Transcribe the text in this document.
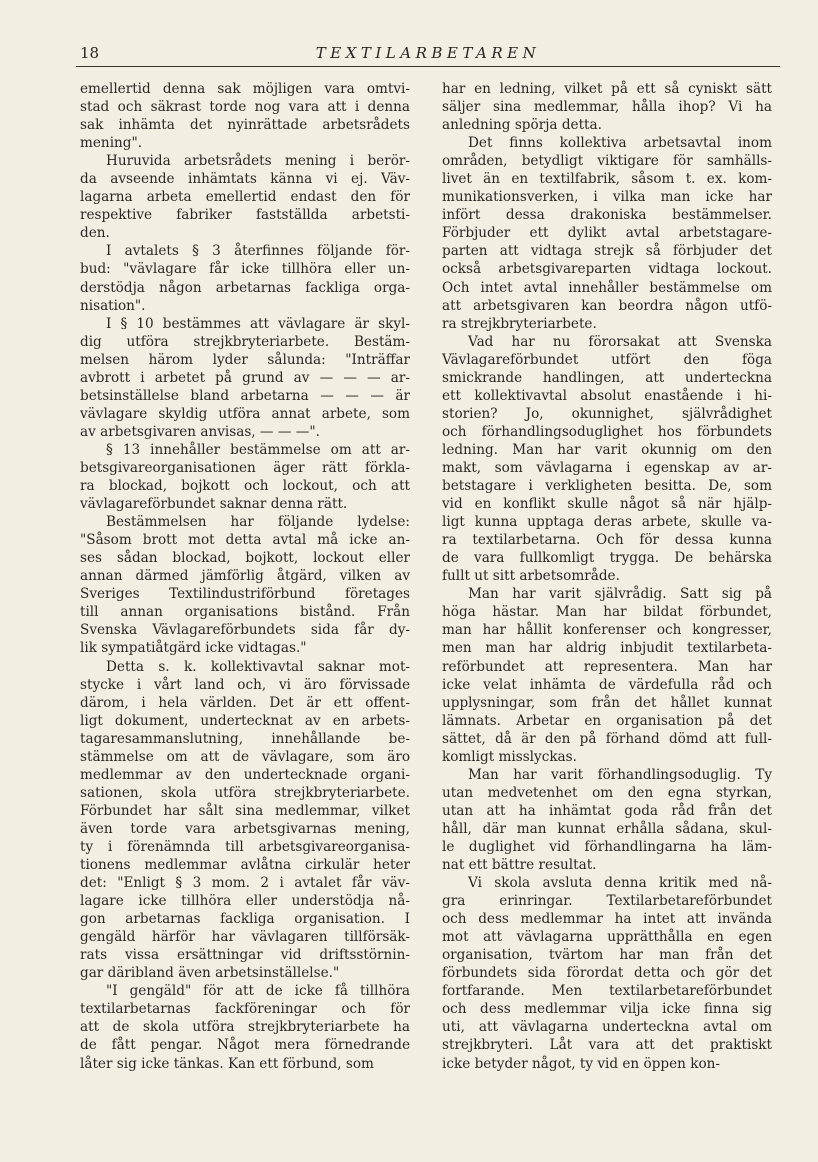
18	TEXTILARBETAREN
emellertid denna sak möjligen vara omtvi-
stad och säkrast torde nog vara att i denna
sak inhämta det nyinrättade arbetsrådets
mening".
Huruvida arbetsrådets mening i berör-
da avseende inhämtats känna vi ej. Väv-
lagarna arbeta emellertid endast den för
respektive fabriker fastställda arbetsti-
den.
I avtalets § 3 återfinnes följande för-
bud: "vävlagare får icke tillhöra eller un-
derstödja någon arbetarnas fackliga orga-
nisation".
I § 10 bestämmes att vävlagare är skyl-
dig utföra strejkbryteriarbete. Bestäm-
melsen härom lyder sålunda: "Inträffar
avbrott i arbetet på grund av — — — ar-
betsinställelse bland arbetarna — — — är
vävlagare skyldig utföra annat arbete, som
av arbetsgivaren anvisas, — — —".
§ 13 innehåller bestämmelse om att ar-
betsgivareorganisationen äger rätt förkla-
ra blockad, bojkott och lockout, och att
vävlagareförbundet saknar denna rätt.
Bestämmelsen har följande lydelse:
"Såsom brott mot detta avtal må icke an-
ses sådan blockad, bojkott, lockout eller
annan därmed jämförlig åtgärd, vilken av
Sveriges Textilindustriförbund företages
till annan organisations bistånd. Från
Svenska Vävlagareförbundets sida får dy-
lik sympatiåtgärd icke vidtagas."
Detta s. k. kollektivavtal saknar mot-
stycke i vårt land och, vi äro förvissade
därom, i hela världen. Det är ett offent-
ligt dokument, undertecknat av en arbets-
tagaresammanslutning, innehållande be-
stämmelse om att de vävlagare, som äro
medlemmar av den undertecknade organi-
sationen, skola utföra strejkbryteriarbete.
Förbundet har sålt sina medlemmar, vilket
även torde vara arbetsgivarnas mening,
ty i förenämnda till arbetsgivareorganisa-
tionens medlemmar avlåtna cirkulär heter
det: "Enligt § 3 mom. 2 i avtalet får väv-
lagare icke tillhöra eller understödja nå-
gon arbetarnas fackliga organisation. I
gengäld härför har vävlagaren tillförsäk-
rats vissa ersättningar vid driftsstörnin-
gar däribland även arbetsinställelse."
"I gengäld" för att de icke få tillhöra
textilarbetarnas fackföreningar och för
att de skola utföra strejkbryteriarbete ha
de fått pengar. Något mera förnedrande
låter sig icke tänkas. Kan ett förbund, som
har en ledning, vilket på ett så cyniskt sätt
säljer sina medlemmar, hålla ihop? Vi ha
anledning spörja detta.
Det finns kollektiva arbetsavtal inom
områden, betydligt viktigare för samhälls-
livet än en textilfabrik, såsom t. ex. kom-
munikationsverken, i vilka man icke har
infört dessa drakoniska bestämmelser.
Förbjuder ett dylikt avtal arbetstagare-
parten att vidtaga strejk så förbjuder det
också arbetsgivareparten vidtaga lockout.
Och intet avtal innehåller bestämmelse om
att arbetsgivaren kan beordra någon utfö-
ra strejkbryteriarbete.
Vad har nu förorsakat att Svenska
Vävlagareförbundet utfört den föga
smickrande handlingen, att underteckna
ett kollektivavtal absolut enastående i hi-
storien? Jo, okunnighet, självrådighet
och förhandlingsoduglighet hos förbundets
ledning. Man har varit okunnig om den
makt, som vävlagarna i egenskap av ar-
betstagare i verkligheten besitta. De, som
vid en konflikt skulle något så när hjälp-
ligt kunna upptaga deras arbete, skulle va-
ra textilarbetarna. Och för dessa kunna
de vara fullkomligt trygga. De behärska
fullt ut sitt arbetsområde.
Man har varit självrådig. Satt sig på
höga hästar. Man har bildat förbundet,
man har hållit konferenser och kongresser,
men man har aldrig inbjudit textilarbeta-
reförbundet att representera. Man har
icke velat inhämta de värdefulla råd och
upplysningar, som från det hållet kunnat
lämnats. Arbetar en organisation på det
sättet, då är den på förhand dömd att full-
komligt misslyckas.
Man har varit förhandlingsoduglig. Ty
utan medvetenhet om den egna styrkan,
utan att ha inhämtat goda råd från det
håll, där man kunnat erhålla sådana, skul-
le duglighet vid förhandlingarna ha läm-
nat ett bättre resultat.
Vi skola avsluta denna kritik med nå-
gra erinringar. Textilarbetareförbundet
och dess medlemmar ha intet att invända
mot att vävlagarna upprätthålla en egen
organisation, tvärtom har man från det
förbundets sida förordat detta och gör det
fortfarande. Men textilarbetareförbundet
och dess medlemmar vilja icke finna sig
uti, att vävlagarna underteckna avtal om
strejkbryteri. Låt vara att det praktiskt
icke betyder något, ty vid en öppen kon-
